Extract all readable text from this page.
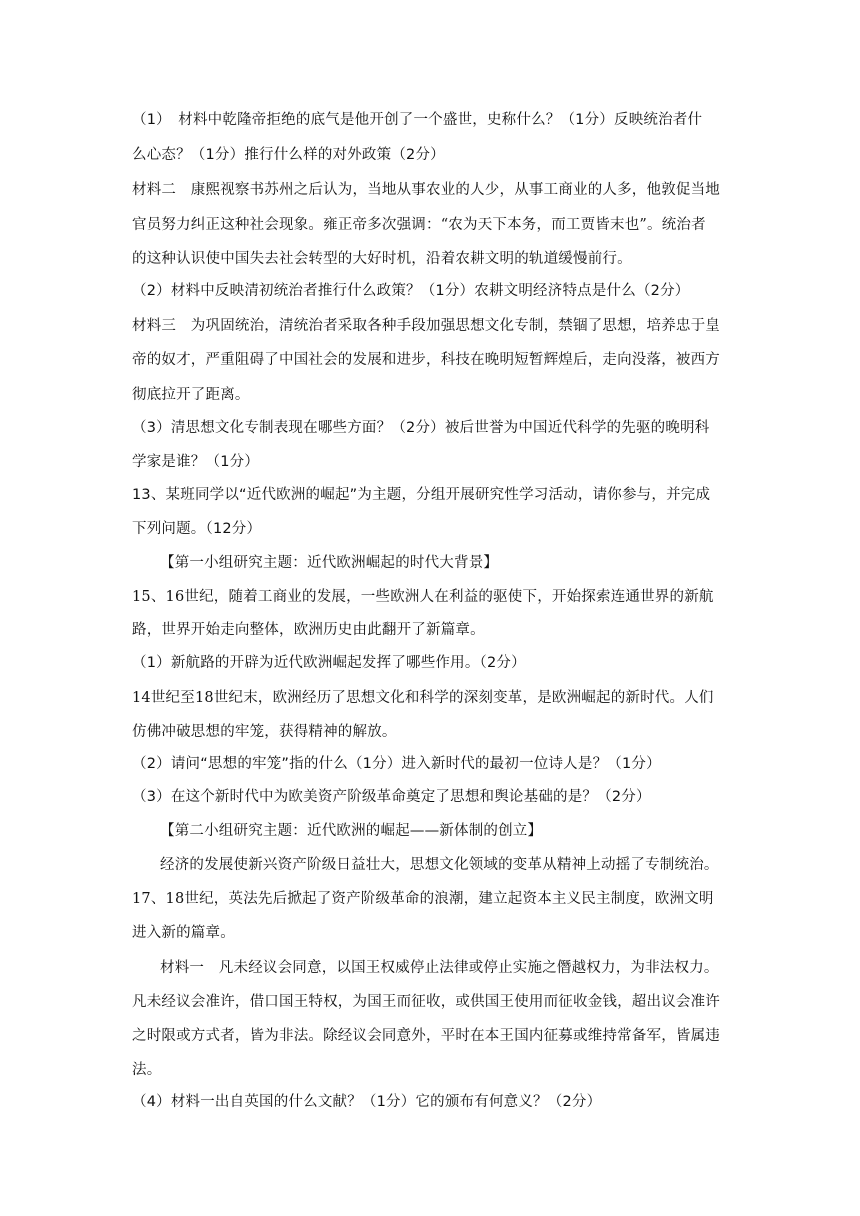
（1）　材料中乾隆帝拒绝的底气是他开创了一个盛世，史称什么？（1分）反映统治者什
么心态？（1分）推行什么样的对外政策（2分）
材料二　康熙视察书苏州之后认为，当地从事农业的人少，从事工商业的人多，他敦促当地
官员努力纠正这种社会现象。雍正帝多次强调：“农为天下本务，而工贾皆末也”。统治者
的这种认识使中国失去社会转型的大好时机，沿着农耕文明的轨道缓慢前行。
（2）材料中反映清初统治者推行什么政策？（1分）农耕文明经济特点是什么（2分）
材料三　为巩固统治，清统治者采取各种手段加强思想文化专制，禁锢了思想，培养忠于皇
帝的奴才，严重阻碍了中国社会的发展和进步，科技在晚明短暂辉煌后，走向没落，被西方
彻底拉开了距离。
（3）清思想文化专制表现在哪些方面？（2分）被后世誉为中国近代科学的先驱的晚明科
学家是谁？（1分）
13、某班同学以“近代欧洲的崛起”为主题，分组开展研究性学习活动，请你参与，并完成
下列问题。（12分）
【第一小组研究主题：近代欧洲崛起的时代大背景】
15、16世纪，随着工商业的发展，一些欧洲人在利益的驱使下，开始探索连通世界的新航
路，世界开始走向整体，欧洲历史由此翻开了新篇章。
（1）新航路的开辟为近代欧洲崛起发挥了哪些作用。（2分）
14世纪至18世纪末，欧洲经历了思想文化和科学的深刻变革，是欧洲崛起的新时代。人们
仿佛冲破思想的牢笼，获得精神的解放。
（2）请问“思想的牢笼”指的什么（1分）进入新时代的最初一位诗人是？（1分）
（3）在这个新时代中为欧美资产阶级革命奠定了思想和舆论基础的是？（2分）
【第二小组研究主题：近代欧洲的崛起——新体制的创立】
经济的发展使新兴资产阶级日益壮大，思想文化领域的变革从精神上动摇了专制统治。
17、18世纪，英法先后掀起了资产阶级革命的浪潮，建立起资本主义民主制度，欧洲文明
进入新的篇章。
材料一　凡未经议会同意，以国王权威停止法律或停止实施之僭越权力，为非法权力。
凡未经议会准许，借口国王特权，为国王而征收，或供国王使用而征收金钱，超出议会准许
之时限或方式者，皆为非法。除经议会同意外，平时在本王国内征募或维持常备军，皆属违
法。
（4）材料一出自英国的什么文献？（1分）它的颁布有何意义？（2分）
